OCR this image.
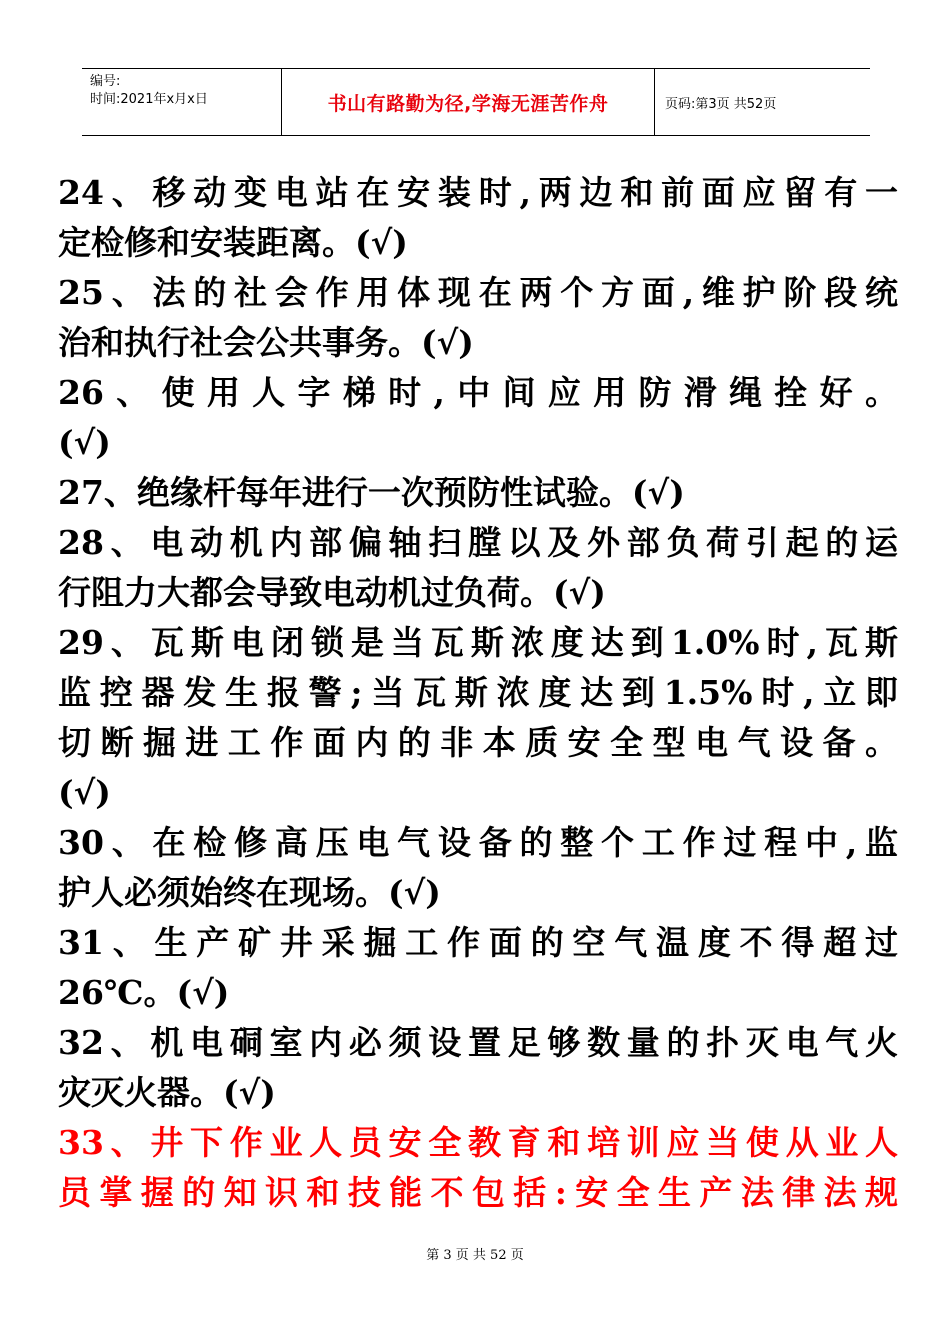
编号:
时间:2021年x月x日	书山有路勤为径,学海无涯苦作舟	页码:第3页 共52页
24、移动变电站在安装时,两边和前面应留有一
定检修和安装距离。(√)
25、法的社会作用体现在两个方面,维护阶段统
治和执行社会公共事务。(√)
26、使用人字梯时,中间应用防滑绳拴好。
(√)
27、绝缘杆每年进行一次预防性试验。(√)
28、电动机内部偏轴扫膛以及外部负荷引起的运
行阻力大都会导致电动机过负荷。(√)
29、瓦斯电闭锁是当瓦斯浓度达到1.0%时,瓦斯
监控器发生报警;当瓦斯浓度达到1.5%时,立即
切断掘进工作面内的非本质安全型电气设备。
(√)
30、在检修高压电气设备的整个工作过程中,监
护人必须始终在现场。(√)
31、生产矿井采掘工作面的空气温度不得超过
26℃。(√)
32、机电硐室内必须设置足够数量的扑灭电气火
灾灭火器。(√)
33、井下作业人员安全教育和培训应当使从业人
员掌握的知识和技能不包括:安全生产法律法规
第 3 页 共 52 页
